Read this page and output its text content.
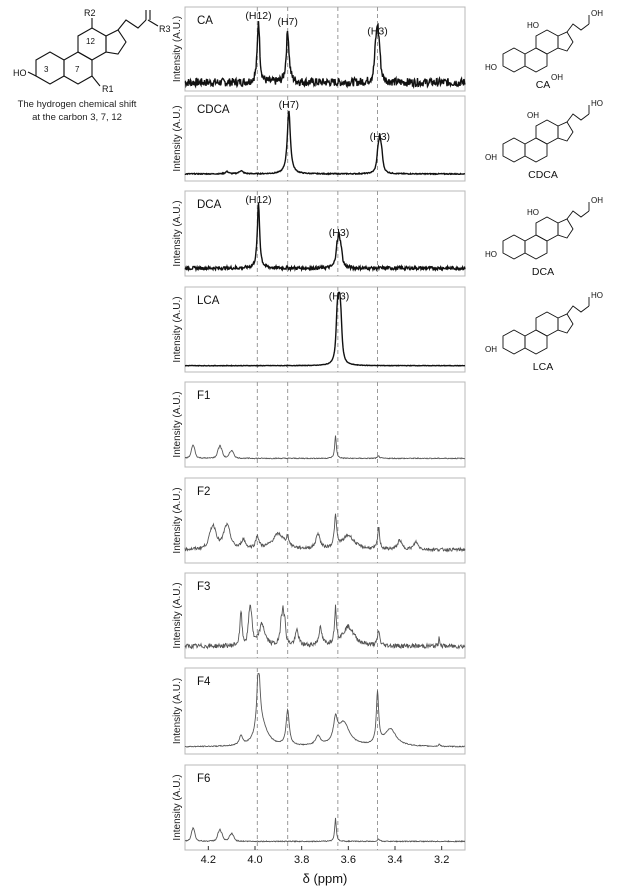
R2
R3
R1
HO
12
3	7
CA
HO
OH
HO
OH
CDCA
OH
HO
OH
DCA
HO
OH
HO
LCA
OH
HO
CA	(H12) (H7)
(H3)
Intensity (A.U.)
CDCA	(H7)
(H3)
Intensity (A.U.)
DCA (H12)
(H3)
Intensity (A.U.)
LCA	(H3)
Intensity (A.U.)
F1
Intensity (A.U.)
F2
Intensity (A.U.)
F3
Intensity (A.U.)
F4
Intensity (A.U.)
F6
Intensity (A.U.)
4.2	4.0	3.8	3.6	3.4	3.2
δ (ppm)
The hydrogen chemical shift
at the carbon 3, 7, 12
